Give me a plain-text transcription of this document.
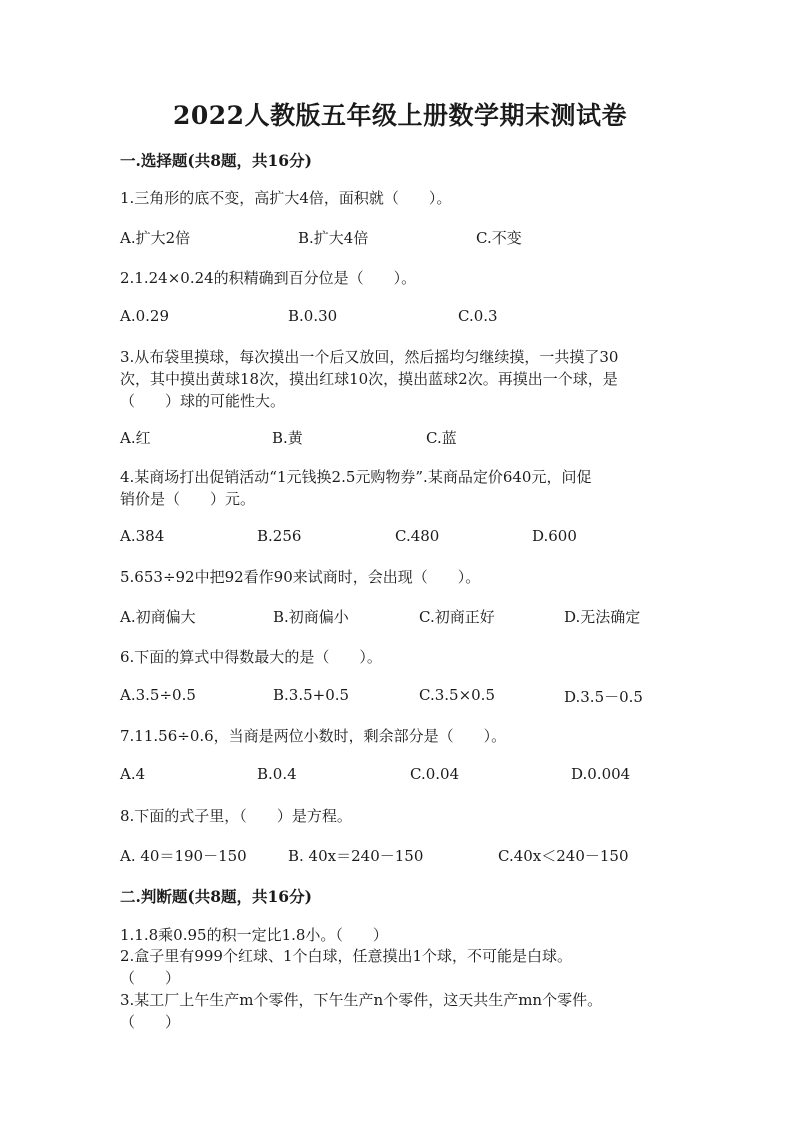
2022人教版五年级上册数学期末测试卷
一.选择题(共8题，共16分)
1.三角形的底不变，高扩大4倍，面积就（　　）。
A.扩大2倍	B.扩大4倍	C.不变
2.1.24×0.24的积精确到百分位是（　　）。
A.0.29	B.0.30	C.0.3
3.从布袋里摸球，每次摸出一个后又放回，然后摇均匀继续摸，一共摸了30
次，其中摸出黄球18次，摸出红球10次，摸出蓝球2次。再摸出一个球，是
（　　）球的可能性大。
A.红	B.黄	C.蓝
4.某商场打出促销活动“1元钱换2.5元购物券”.某商品定价640元，问促
销价是（　　）元。
A.384	B.256	C.480	D.600
5.653÷92中把92看作90来试商时，会出现（　　）。
A.初商偏大	B.初商偏小	C.初商正好	D.无法确定
6.下面的算式中得数最大的是（　　）。
A.3.5÷0.5	B.3.5+0.5	C.3.5×0.5	D.3.5－0.5
7.11.56÷0.6，当商是两位小数时，剩余部分是（　　）。
A.4	B.0.4	C.0.04	D.0.004
8.下面的式子里，（　　）是方程。
A. 40＝190－150	B. 40x＝240－150	C.40x＜240－150
二.判断题(共8题，共16分)
1.1.8乘0.95的积一定比1.8小。（　　）
2.盒子里有999个红球、1个白球，任意摸出1个球，不可能是白球。
（　　）
3.某工厂上午生产m个零件，下午生产n个零件，这天共生产mn个零件。
（　　）
